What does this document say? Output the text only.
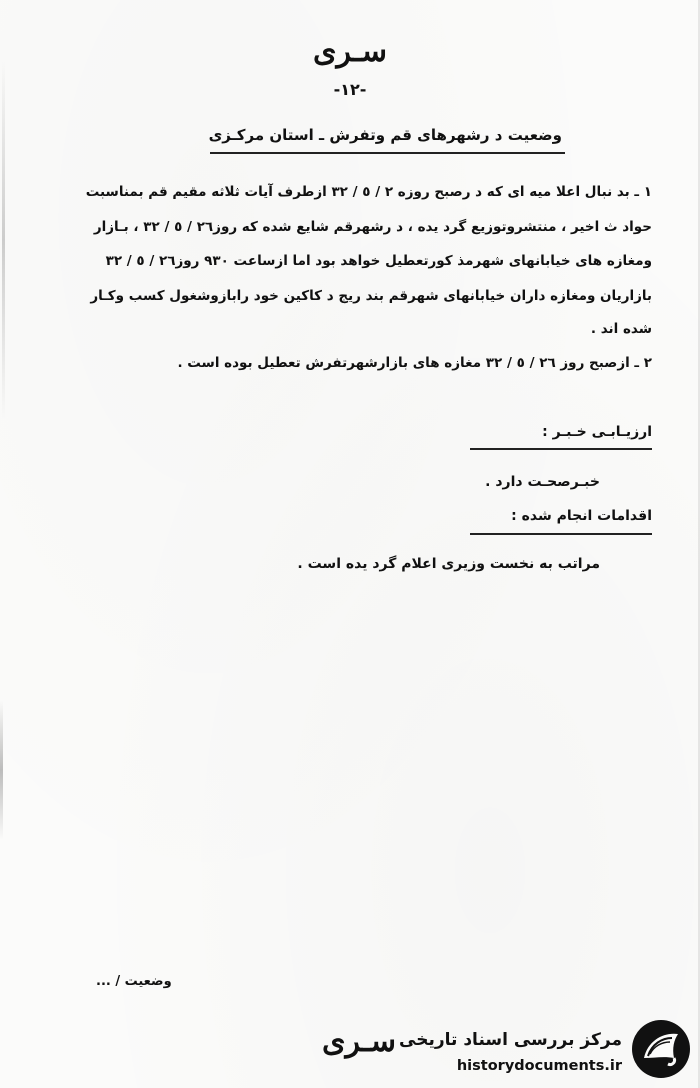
سـری
-١٢-
وضعیت د رشهرهای قم وتفرش ـ استان مرکـزی
١ ـ بد نبال اعلا میه ای که د رصبح روزه ٢ / ٥ / ٣٢ ازطرف آیات ثلاثه مقیم قم بمناسبت
حواد ث اخیر ، منتشروتوزیع گرد یده ، د رشهرقم شایع شده که روز٢٦ / ٥ / ٣٢ ، بـازار
ومغازه های خیابانهای شهرمذ کورتعطیل خواهد بود اما ازساعت ٩٣٠ روز٢٦ / ٥ / ٣٢
بازاریان ومغازه داران خیابانهای شهرقم بند ریج د کاکین خود رابازوشغول کسب وکـار
شده اند .
٢ ـ ازصبح روز ٢٦ / ٥ / ٣٢ مغازه های بازارشهرتفرش تعطیل بوده است .
ارزیـابـی خـبـر :
خبـرصحـت دارد .
اقدامات انجام شده :
مراتب به نخست وزیری اعلام گرد یده است .
وضعیت / ...
سـری مرکز بررسی اسناد تاریخی
historydocuments.ir
